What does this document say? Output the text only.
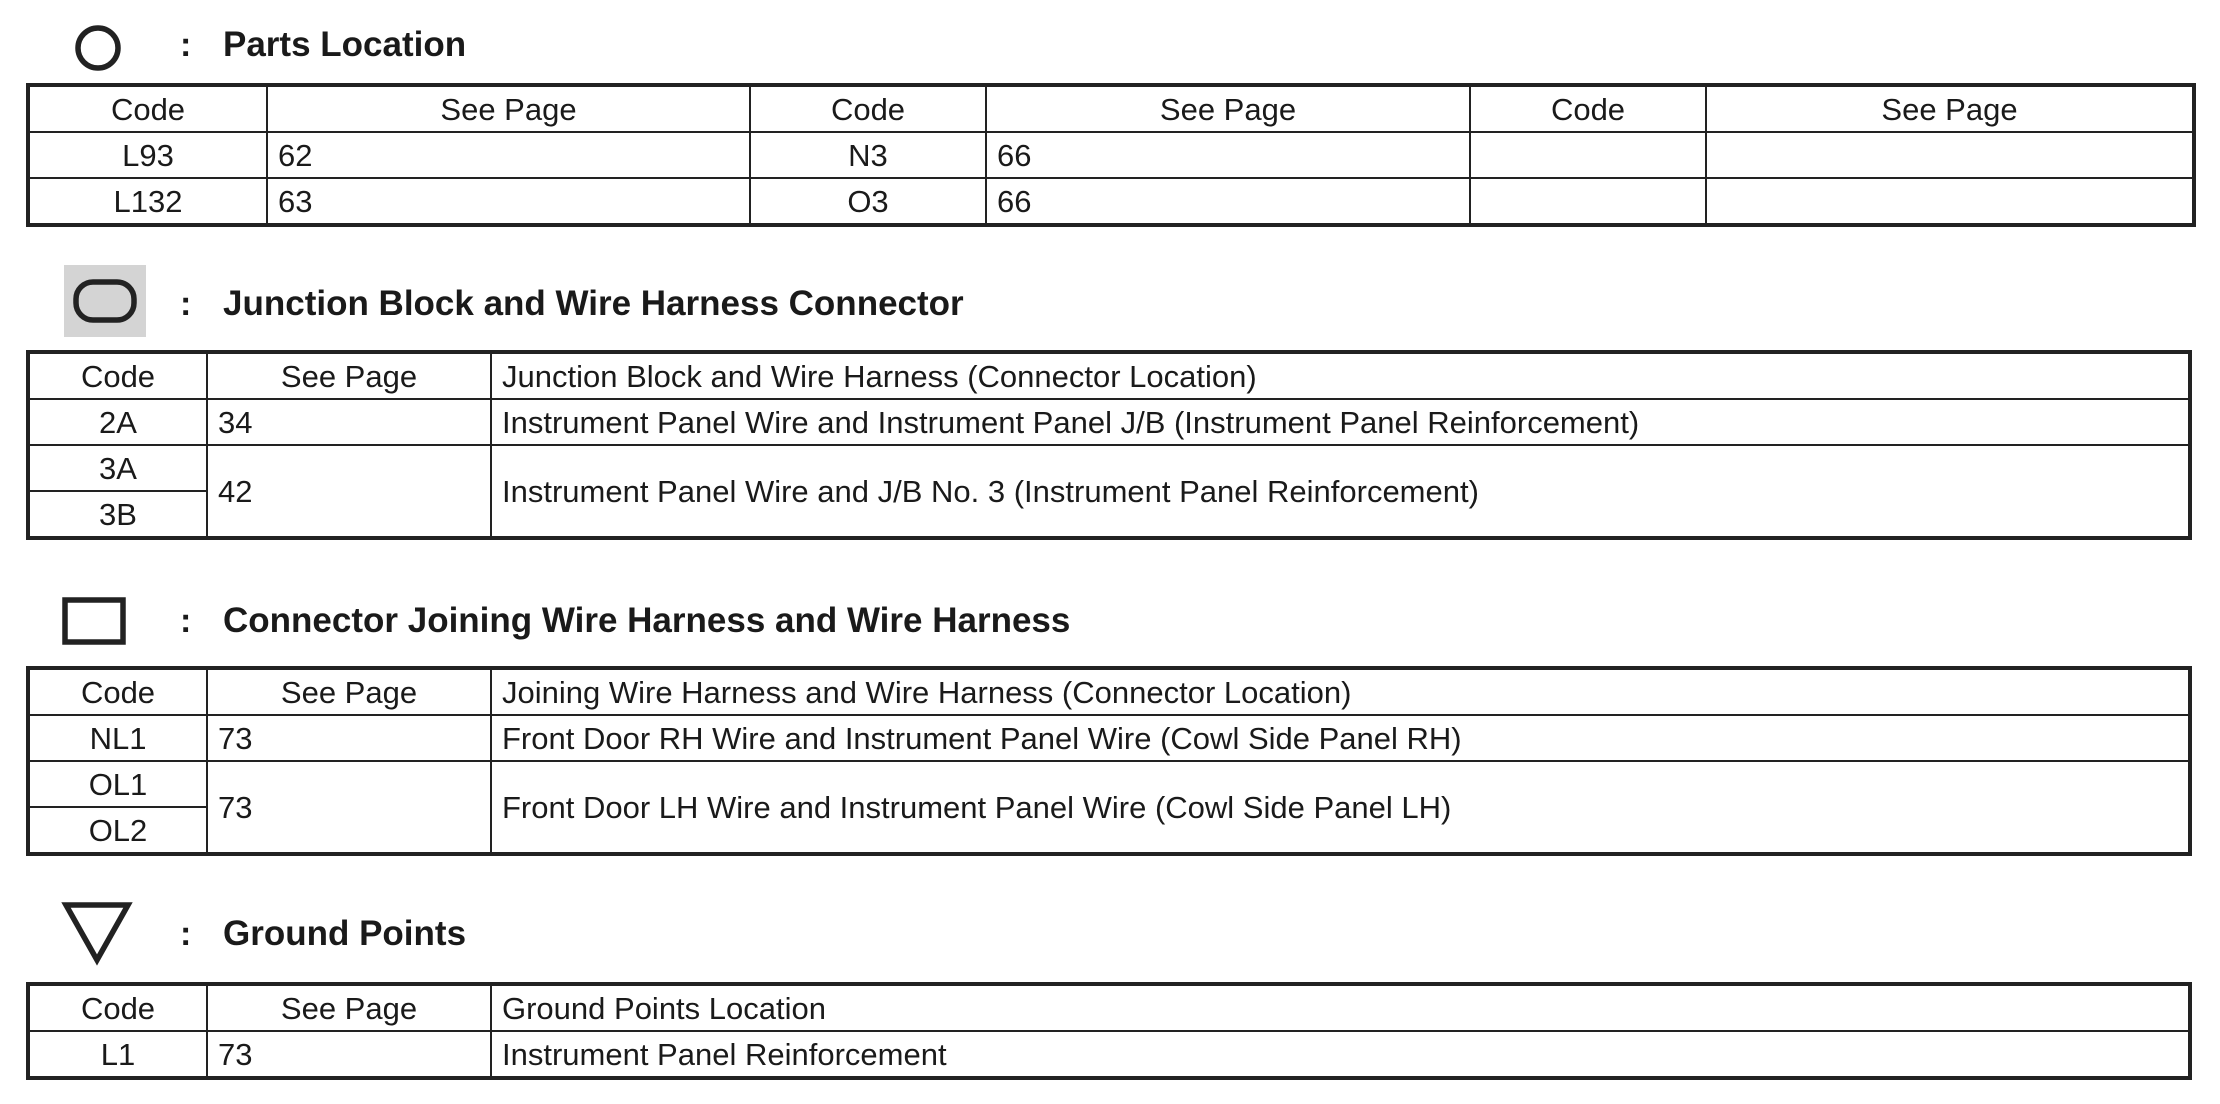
: Parts Location
Code	See Page	Code	See Page	Code	See Page
L93	62	N3	66		
L132	63	O3	66		
: Junction Block and Wire Harness Connector
Code	See Page	Junction Block and Wire Harness (Connector Location)
2A	34	Instrument Panel Wire and Instrument Panel J/B (Instrument Panel Reinforcement)
3A	42	Instrument Panel Wire and J/B No. 3 (Instrument Panel Reinforcement)
3B		
: Connector Joining Wire Harness and Wire Harness
Code	See Page	Joining Wire Harness and Wire Harness (Connector Location)
NL1	73	Front Door RH Wire and Instrument Panel Wire (Cowl Side Panel RH)
OL1	73	Front Door LH Wire and Instrument Panel Wire (Cowl Side Panel LH)
OL2		
: Ground Points
Code	See Page	Ground Points Location
L1	73	Instrument Panel Reinforcement
